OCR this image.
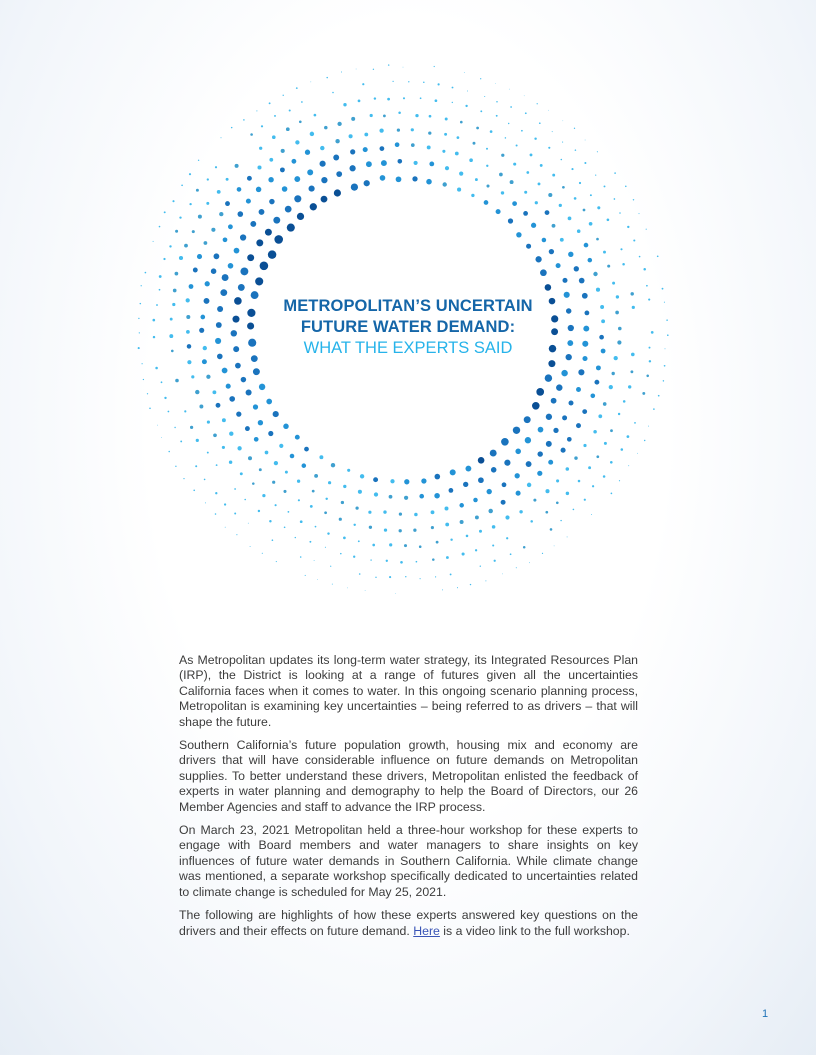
METROPOLITAN’S UNCERTAIN
FUTURE WATER DEMAND:
WHAT THE EXPERTS SAID

As Metropolitan updates its long-term water strategy, its Integrated Resources Plan (IRP), the District is looking at a range of futures given all the uncertainties California faces when it comes to water. In this ongoing scenario planning process, Metropolitan is examining key uncertainties – being referred to as drivers – that will shape the future.

Southern California’s future population growth, housing mix and economy are drivers that will have considerable influence on future demands on Metropolitan supplies. To better understand these drivers, Metropolitan enlisted the feedback of experts in water planning and demography to help the Board of Directors, our 26 Member Agencies and staff to advance the IRP process.

On March 23, 2021 Metropolitan held a three-hour workshop for these experts to engage with Board members and water managers to share insights on key influences of future water demands in Southern California. While climate change was mentioned, a separate workshop specifically dedicated to uncertainties related to climate change is scheduled for May 25, 2021.

The following are highlights of how these experts answered key questions on the drivers and their effects on future demand. Here is a video link to the full workshop.

1
